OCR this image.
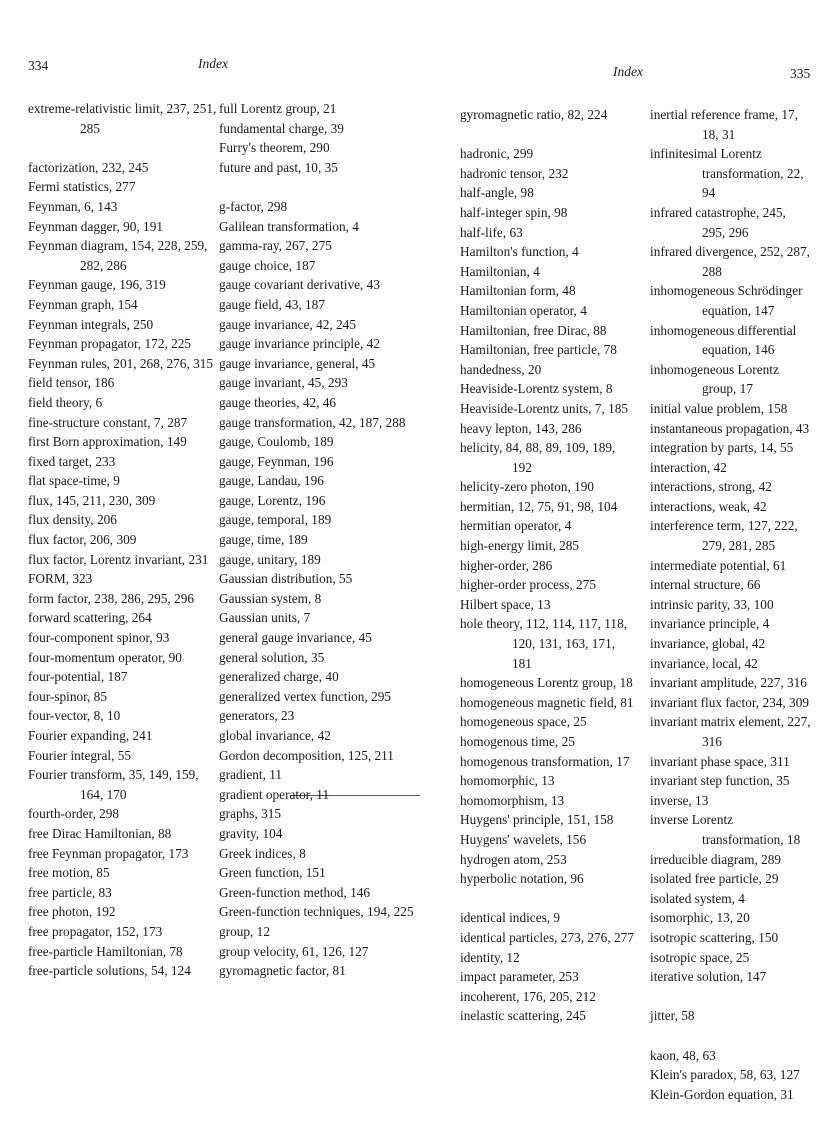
334	Index
Index	335
extreme-relativistic limit, 237, 251, 285
factorization, 232, 245
Fermi statistics, 277
Feynman, 6, 143
Feynman dagger, 90, 191
Feynman diagram, 154, 228, 259, 282, 286
Feynman gauge, 196, 319
Feynman graph, 154
Feynman integrals, 250
Feynman propagator, 172, 225
Feynman rules, 201, 268, 276, 315
field tensor, 186
field theory, 6
fine-structure constant, 7, 287
first Born approximation, 149
fixed target, 233
flat space-time, 9
flux, 145, 211, 230, 309
flux density, 206
flux factor, 206, 309
flux factor, Lorentz invariant, 231
FORM, 323
form factor, 238, 286, 295, 296
forward scattering, 264
four-component spinor, 93
four-momentum operator, 90
four-potential, 187
four-spinor, 85
four-vector, 8, 10
Fourier expanding, 241
Fourier integral, 55
Fourier transform, 35, 149, 159, 164, 170
fourth-order, 298
free Dirac Hamiltonian, 88
free Feynman propagator, 173
free motion, 85
free particle, 83
free photon, 192
free propagator, 152, 173
free-particle Hamiltonian, 78
free-particle solutions, 54, 124
full Lorentz group, 21
fundamental charge, 39
Furry's theorem, 290
future and past, 10, 35
g-factor, 298
Galilean transformation, 4
gamma-ray, 267, 275
gauge choice, 187
gauge covariant derivative, 43
gauge field, 43, 187
gauge invariance, 42, 245
gauge invariance principle, 42
gauge invariance, general, 45
gauge invariant, 45, 293
gauge theories, 42, 46
gauge transformation, 42, 187, 288
gauge, Coulomb, 189
gauge, Feynman, 196
gauge, Landau, 196
gauge, Lorentz, 196
gauge, temporal, 189
gauge, time, 189
gauge, unitary, 189
Gaussian distribution, 55
Gaussian system, 8
Gaussian units, 7
general gauge invariance, 45
general solution, 35
generalized charge, 40
generalized vertex function, 295
generators, 23
global invariance, 42
Gordon decomposition, 125, 211
gradient, 11
gradient operator, 11
graphs, 315
gravity, 104
Greek indices, 8
Green function, 151
Green-function method, 146
Green-function techniques, 194, 225
group, 12
group velocity, 61, 126, 127
gyromagnetic factor, 81
gyromagnetic ratio, 82, 224
hadronic, 299
hadronic tensor, 232
half-angle, 98
half-integer spin, 98
half-life, 63
Hamilton's function, 4
Hamiltonian, 4
Hamiltonian form, 48
Hamiltonian operator, 4
Hamiltonian, free Dirac, 88
Hamiltonian, free particle, 78
handedness, 20
Heaviside-Lorentz system, 8
Heaviside-Lorentz units, 7, 185
heavy lepton, 143, 286
helicity, 84, 88, 89, 109, 189, 192
helicity-zero photon, 190
hermitian, 12, 75, 91, 98, 104
hermitian operator, 4
high-energy limit, 285
higher-order, 286
higher-order process, 275
Hilbert space, 13
hole theory, 112, 114, 117, 118, 120, 131, 163, 171, 181
homogeneous Lorentz group, 18
homogeneous magnetic field, 81
homogeneous space, 25
homogenous time, 25
homogenous transformation, 17
homomorphic, 13
homomorphism, 13
Huygens' principle, 151, 158
Huygens' wavelets, 156
hydrogen atom, 253
hyperbolic notation, 96
identical indices, 9
identical particles, 273, 276, 277
identity, 12
impact parameter, 253
incoherent, 176, 205, 212
inelastic scattering, 245
inertial reference frame, 17, 18, 31
infinitesimal Lorentz transformation, 22, 94
infrared catastrophe, 245, 295, 296
infrared divergence, 252, 287, 288
inhomogeneous Schrödinger equation, 147
inhomogeneous differential equation, 146
inhomogeneous Lorentz group, 17
initial value problem, 158
instantaneous propagation, 43
integration by parts, 14, 55
interaction, 42
interactions, strong, 42
interactions, weak, 42
interference term, 127, 222, 279, 281, 285
intermediate potential, 61
internal structure, 66
intrinsic parity, 33, 100
invariance principle, 4
invariance, global, 42
invariance, local, 42
invariant amplitude, 227, 316
invariant flux factor, 234, 309
invariant matrix element, 227, 316
invariant phase space, 311
invariant step function, 35
inverse, 13
inverse Lorentz transformation, 18
irreducible diagram, 289
isolated free particle, 29
isolated system, 4
isomorphic, 13, 20
isotropic scattering, 150
isotropic space, 25
iterative solution, 147
jitter, 58
kaon, 48, 63
Klein's paradox, 58, 63, 127
Klein-Gordon equation, 31
